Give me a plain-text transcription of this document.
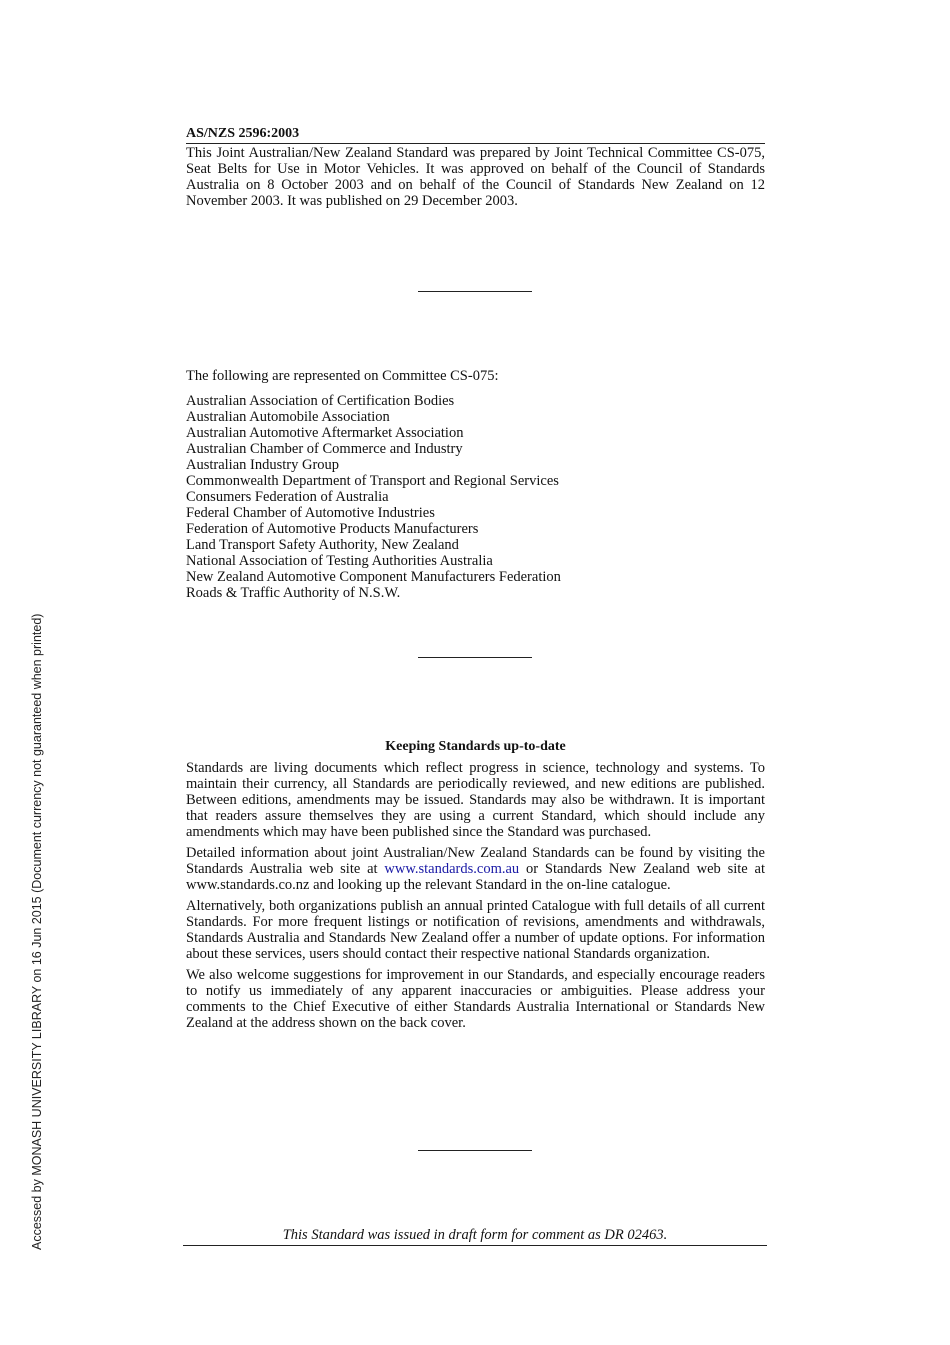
AS/NZS 2596:2003

This Joint Australian/New Zealand Standard was prepared by Joint Technical Committee CS-075, Seat Belts for Use in Motor Vehicles. It was approved on behalf of the Council of Standards Australia on 8 October 2003 and on behalf of the Council of Standards New Zealand on 12 November 2003. It was published on 29 December 2003.

The following are represented on Committee CS-075:

Australian Association of Certification Bodies
Australian Automobile Association
Australian Automotive Aftermarket Association
Australian Chamber of Commerce and Industry
Australian Industry Group
Commonwealth Department of Transport and Regional Services
Consumers Federation of Australia
Federal Chamber of Automotive Industries
Federation of Automotive Products Manufacturers
Land Transport Safety Authority, New Zealand
National Association of Testing Authorities Australia
New Zealand Automotive Component Manufacturers Federation
Roads & Traffic Authority of N.S.W.
Keeping Standards up-to-date

Standards are living documents which reflect progress in science, technology and systems. To maintain their currency, all Standards are periodically reviewed, and new editions are published. Between editions, amendments may be issued. Standards may also be withdrawn. It is important that readers assure themselves they are using a current Standard, which should include any amendments which may have been published since the Standard was purchased.

Detailed information about joint Australian/New Zealand Standards can be found by visiting the Standards Australia web site at www.standards.com.au or Standards New Zealand web site at www.standards.co.nz and looking up the relevant Standard in the on-line catalogue.

Alternatively, both organizations publish an annual printed Catalogue with full details of all current Standards. For more frequent listings or notification of revisions, amendments and withdrawals, Standards Australia and Standards New Zealand offer a number of update options. For information about these services, users should contact their respective national Standards organization.

We also welcome suggestions for improvement in our Standards, and especially encourage readers to notify us immediately of any apparent inaccuracies or ambiguities. Please address your comments to the Chief Executive of either Standards Australia International or Standards New Zealand at the address shown on the back cover.

This Standard was issued in draft form for comment as DR 02463.
Accessed by MONASH UNIVERSITY LIBRARY on 16 Jun 2015 (Document currency not guaranteed when printed)
